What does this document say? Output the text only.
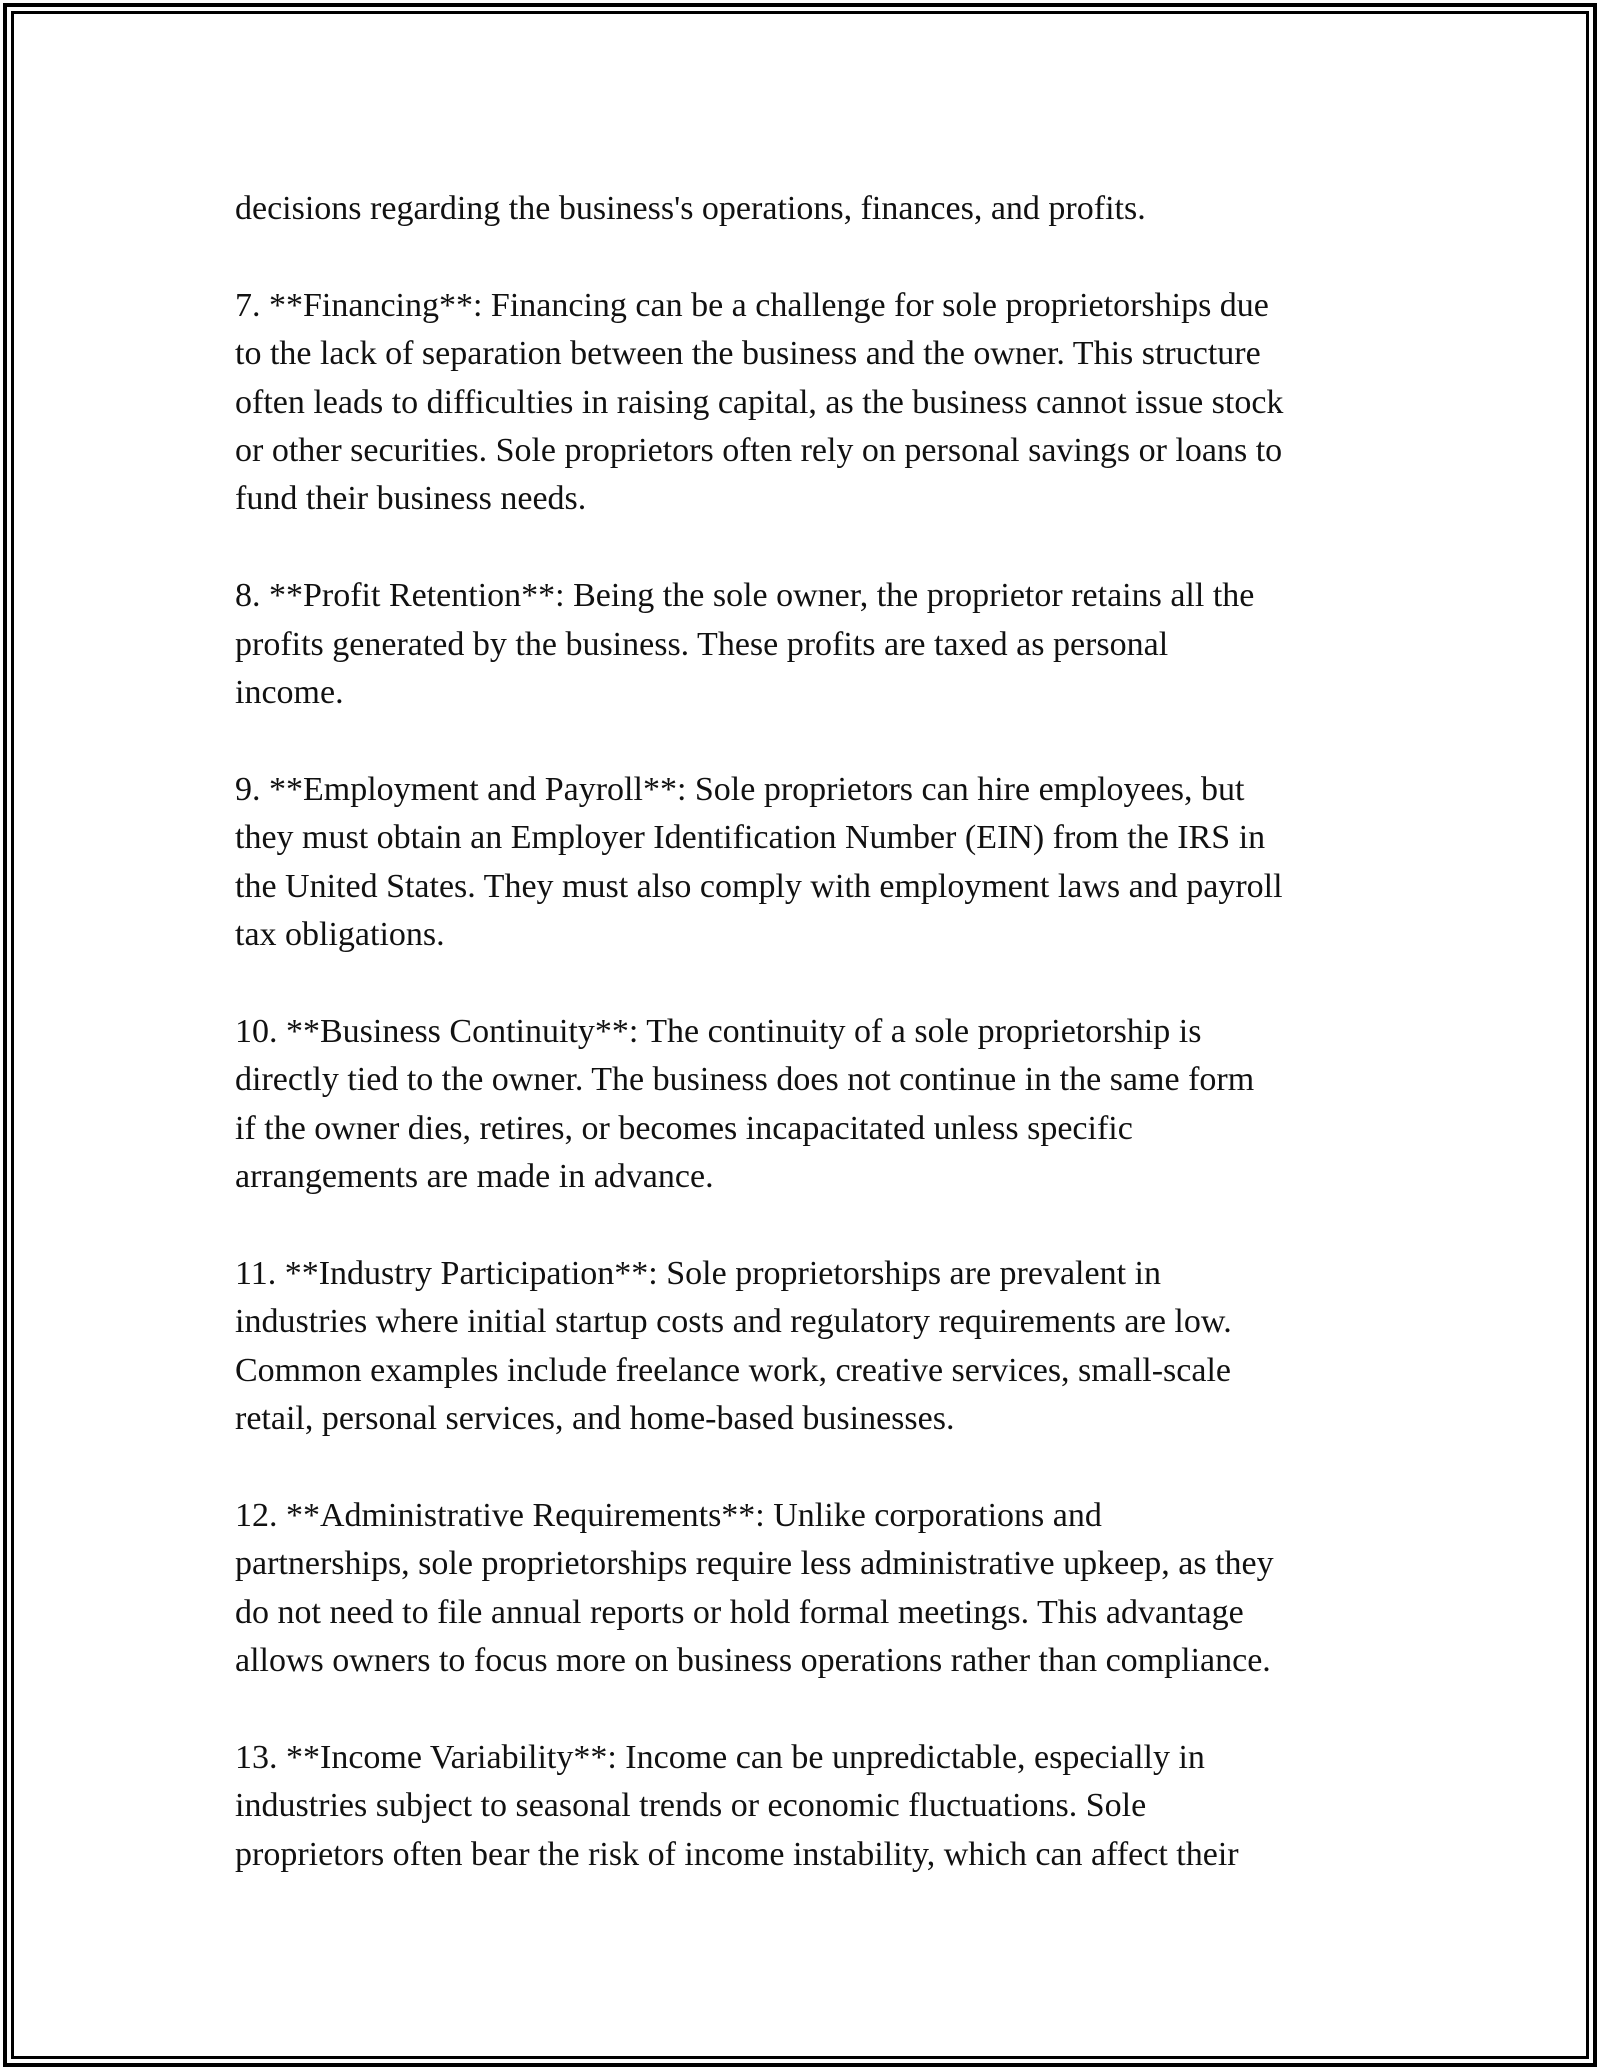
decisions regarding the business's operations, finances, and profits.

7. **Financing**: Financing can be a challenge for sole proprietorships due
to the lack of separation between the business and the owner. This structure
often leads to difficulties in raising capital, as the business cannot issue stock
or other securities. Sole proprietors often rely on personal savings or loans to
fund their business needs.

8. **Profit Retention**: Being the sole owner, the proprietor retains all the
profits generated by the business. These profits are taxed as personal
income.

9. **Employment and Payroll**: Sole proprietors can hire employees, but
they must obtain an Employer Identification Number (EIN) from the IRS in
the United States. They must also comply with employment laws and payroll
tax obligations.

10. **Business Continuity**: The continuity of a sole proprietorship is
directly tied to the owner. The business does not continue in the same form
if the owner dies, retires, or becomes incapacitated unless specific
arrangements are made in advance.

11. **Industry Participation**: Sole proprietorships are prevalent in
industries where initial startup costs and regulatory requirements are low.
Common examples include freelance work, creative services, small-scale
retail, personal services, and home-based businesses.

12. **Administrative Requirements**: Unlike corporations and
partnerships, sole proprietorships require less administrative upkeep, as they
do not need to file annual reports or hold formal meetings. This advantage
allows owners to focus more on business operations rather than compliance.

13. **Income Variability**: Income can be unpredictable, especially in
industries subject to seasonal trends or economic fluctuations. Sole
proprietors often bear the risk of income instability, which can affect their
